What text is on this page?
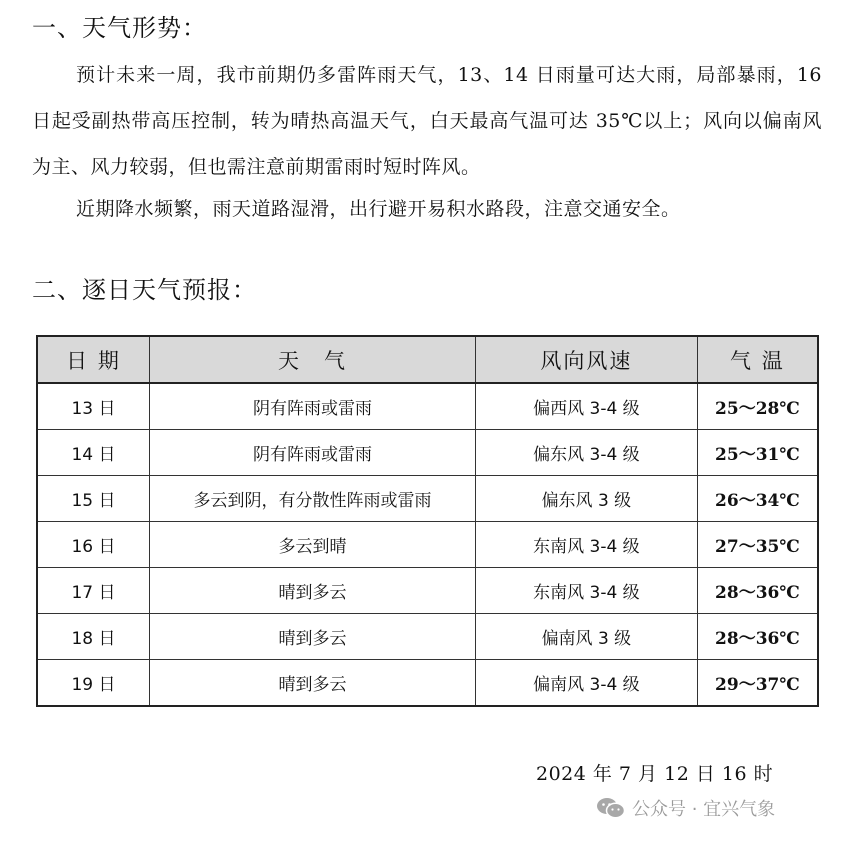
一、天气形势：
预计未来一周，我市前期仍多雷阵雨天气，13、14 日雨量可达大雨，局部暴雨，16 日起受副热带高压控制，转为晴热高温天气，白天最高气温可达 35℃以上；风向以偏南风为主、风力较弱，但也需注意前期雷雨时短时阵风。
近期降水频繁，雨天道路湿滑，出行避开易积水路段，注意交通安全。
二、逐日天气预报：
日 期	天　气	风向风速	气 温
13 日	阴有阵雨或雷雨	偏西风 3-4 级	25～28℃
14 日	阴有阵雨或雷雨	偏东风 3-4 级	25～31℃
15 日	多云到阴，有分散性阵雨或雷雨	偏东风 3 级	26～34℃
16 日	多云到晴	东南风 3-4 级	27～35℃
17 日	晴到多云	东南风 3-4 级	28～36℃
18 日	晴到多云	偏南风 3 级	28～36℃
19 日	晴到多云	偏南风 3-4 级	29～37℃
2024 年 7 月 12 日 16 时
公众号 · 宜兴气象
